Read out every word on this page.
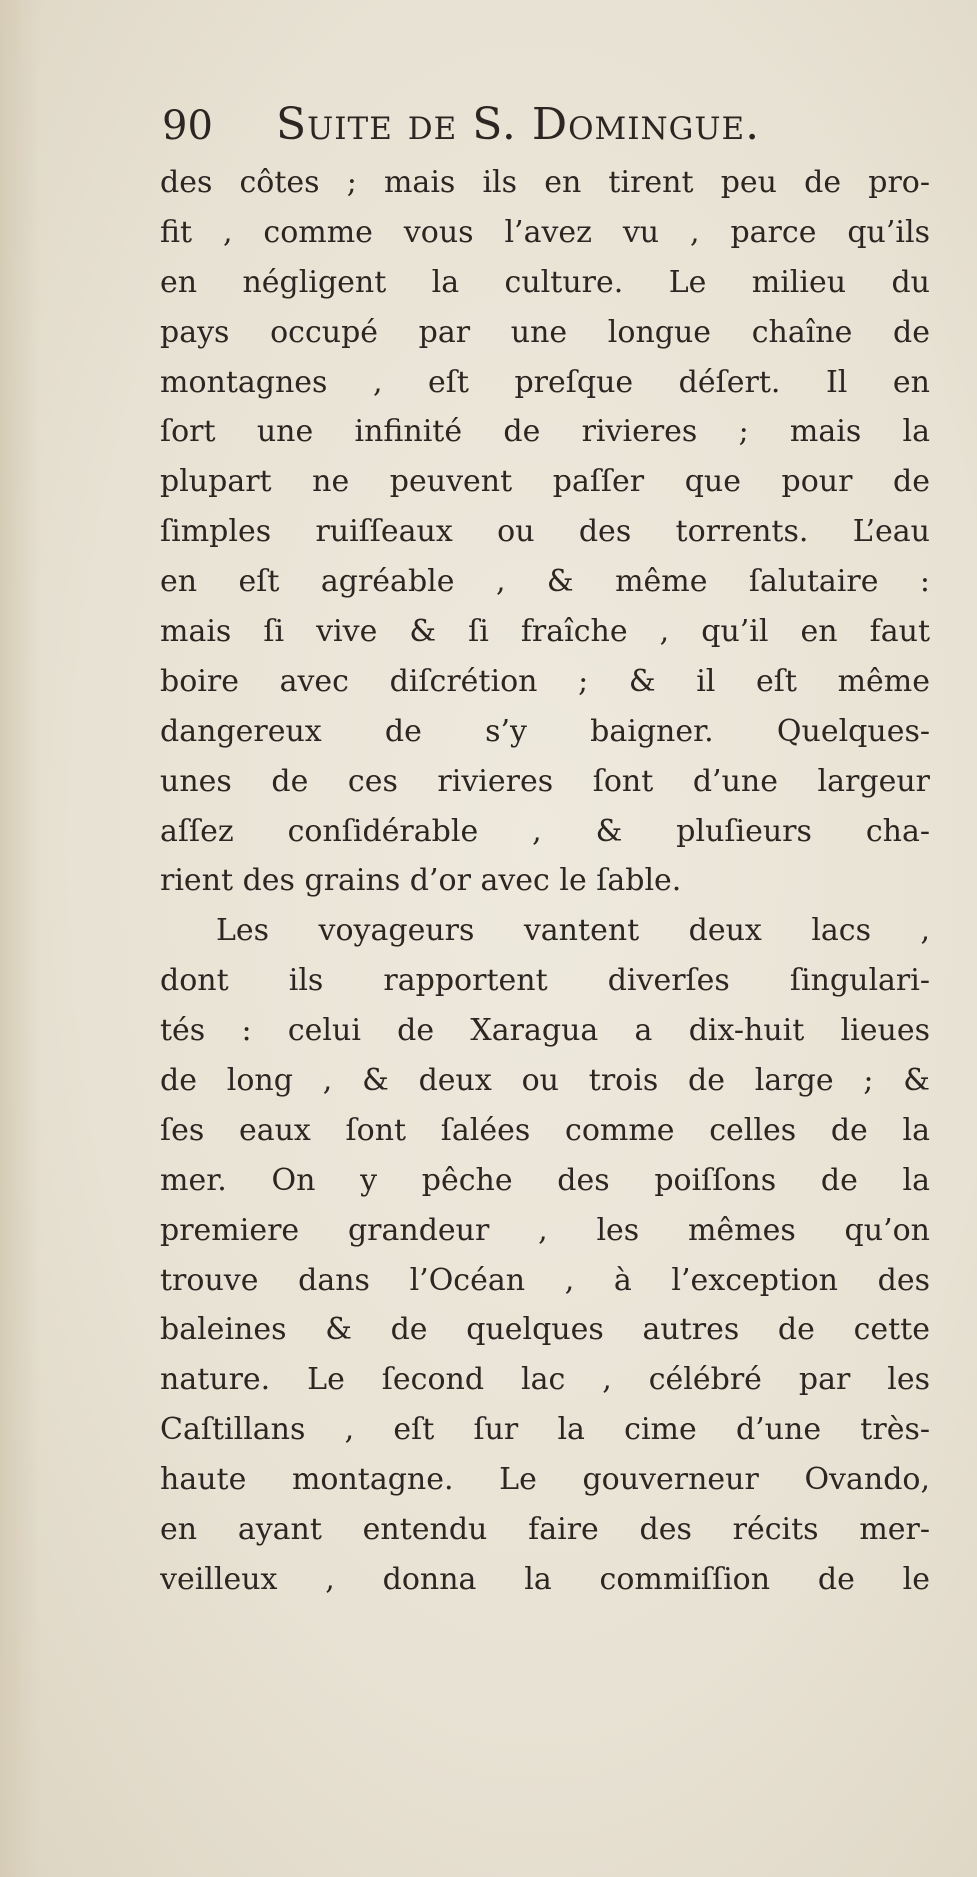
90 Suite de S. Domingue.
des côtes ; mais ils en tirent peu de pro-
fit , comme vous l’avez vu , parce qu’ils
en négligent la culture. Le milieu du
pays occupé par une longue chaîne de
montagnes , eſt preſque déſert. Il en
ſort une infinité de rivieres ; mais la
plupart ne peuvent paſſer que pour de
ſimples ruiſſeaux ou des torrents. L’eau
en eſt agréable , & même ſalutaire :
mais ſi vive & ſi fraîche , qu’il en faut
boire avec diſcrétion ; & il eſt même
dangereux de s’y baigner. Quelques-
unes de ces rivieres ſont d’une largeur
aſſez conſidérable , & pluſieurs cha-
rient des grains d’or avec le ſable.
Les voyageurs vantent deux lacs ,
dont ils rapportent diverſes ſingulari-
tés : celui de Xaragua a dix-huit lieues
de long , & deux ou trois de large ; &
ſes eaux ſont ſalées comme celles de la
mer. On y pêche des poiſſons de la
premiere grandeur , les mêmes qu’on
trouve dans l’Océan , à l’exception des
baleines & de quelques autres de cette
nature. Le ſecond lac , célébré par les
Caſtillans , eſt ſur la cime d’une très-
haute montagne. Le gouverneur Ovando,
en ayant entendu faire des récits mer-
veilleux , donna la commiſſion de le
